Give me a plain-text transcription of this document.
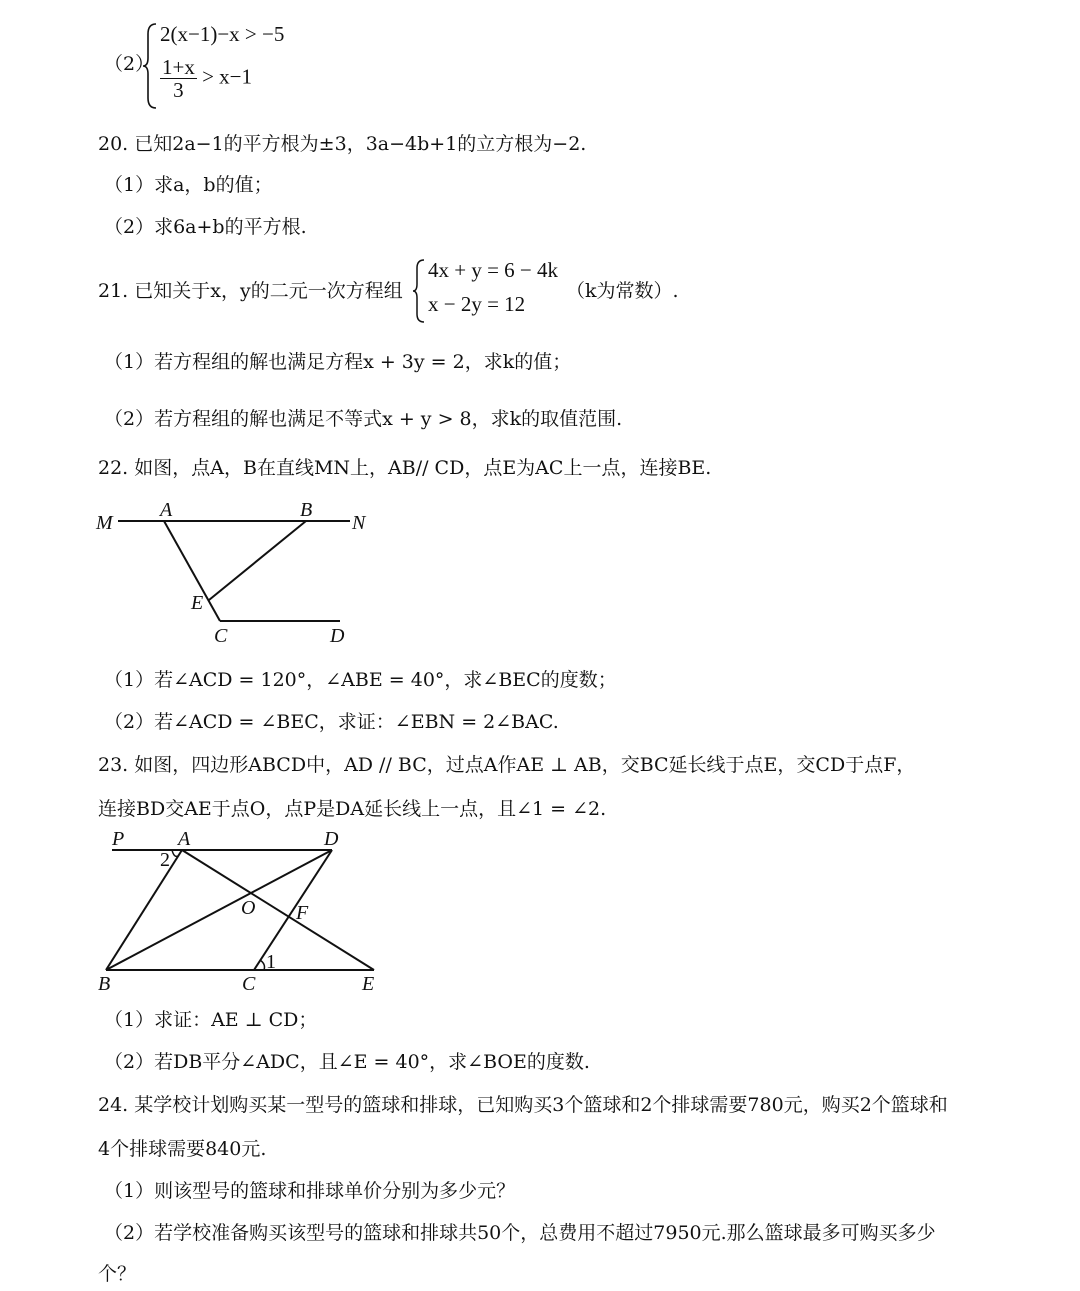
（2）
2(x−1)−x > −5
$\frac{1+x}{3} > x-1$
20. 已知2a−1的平方根为±3，3a−4b+1的立方根为−2.
（1）求a，b的值；
（2）求6a+b的平方根.
21. 已知关于x，y的二元一次方程组
4x + y = 6 − 4k
x − 2y = 12
（k为常数）.
（1）若方程组的解也满足方程x + 3y = 2，求k的值；
（2）若方程组的解也满足不等式x + y > 8，求k的取值范围.
22. 如图，点A，B在直线MN上，AB// CD，点E为AC上一点，连接BE.
M
A	B
N
E
C	D
（1）若∠ACD = 120°，∠ABE = 40°，求∠BEC的度数；
（2）若∠ACD = ∠BEC，求证：∠EBN = 2∠BAC.
23. 如图，四边形ABCD中，AD // BC，过点A作AE ⊥ AB，交BC延长线于点E，交CD于点F，
连接BD交AE于点O，点P是DA延长线上一点，且∠1 = ∠2.
P	A	D
2
O F
1
B	C	E
（1）求证：AE ⊥ CD；
（2）若DB平分∠ADC，且∠E = 40°，求∠BOE的度数.
24. 某学校计划购买某一型号的篮球和排球，已知购买3个篮球和2个排球需要780元，购买2个篮球和
4个排球需要840元.
（1）则该型号的篮球和排球单价分别为多少元？
（2）若学校准备购买该型号的篮球和排球共50个，总费用不超过7950元.那么篮球最多可购买多少
个？
